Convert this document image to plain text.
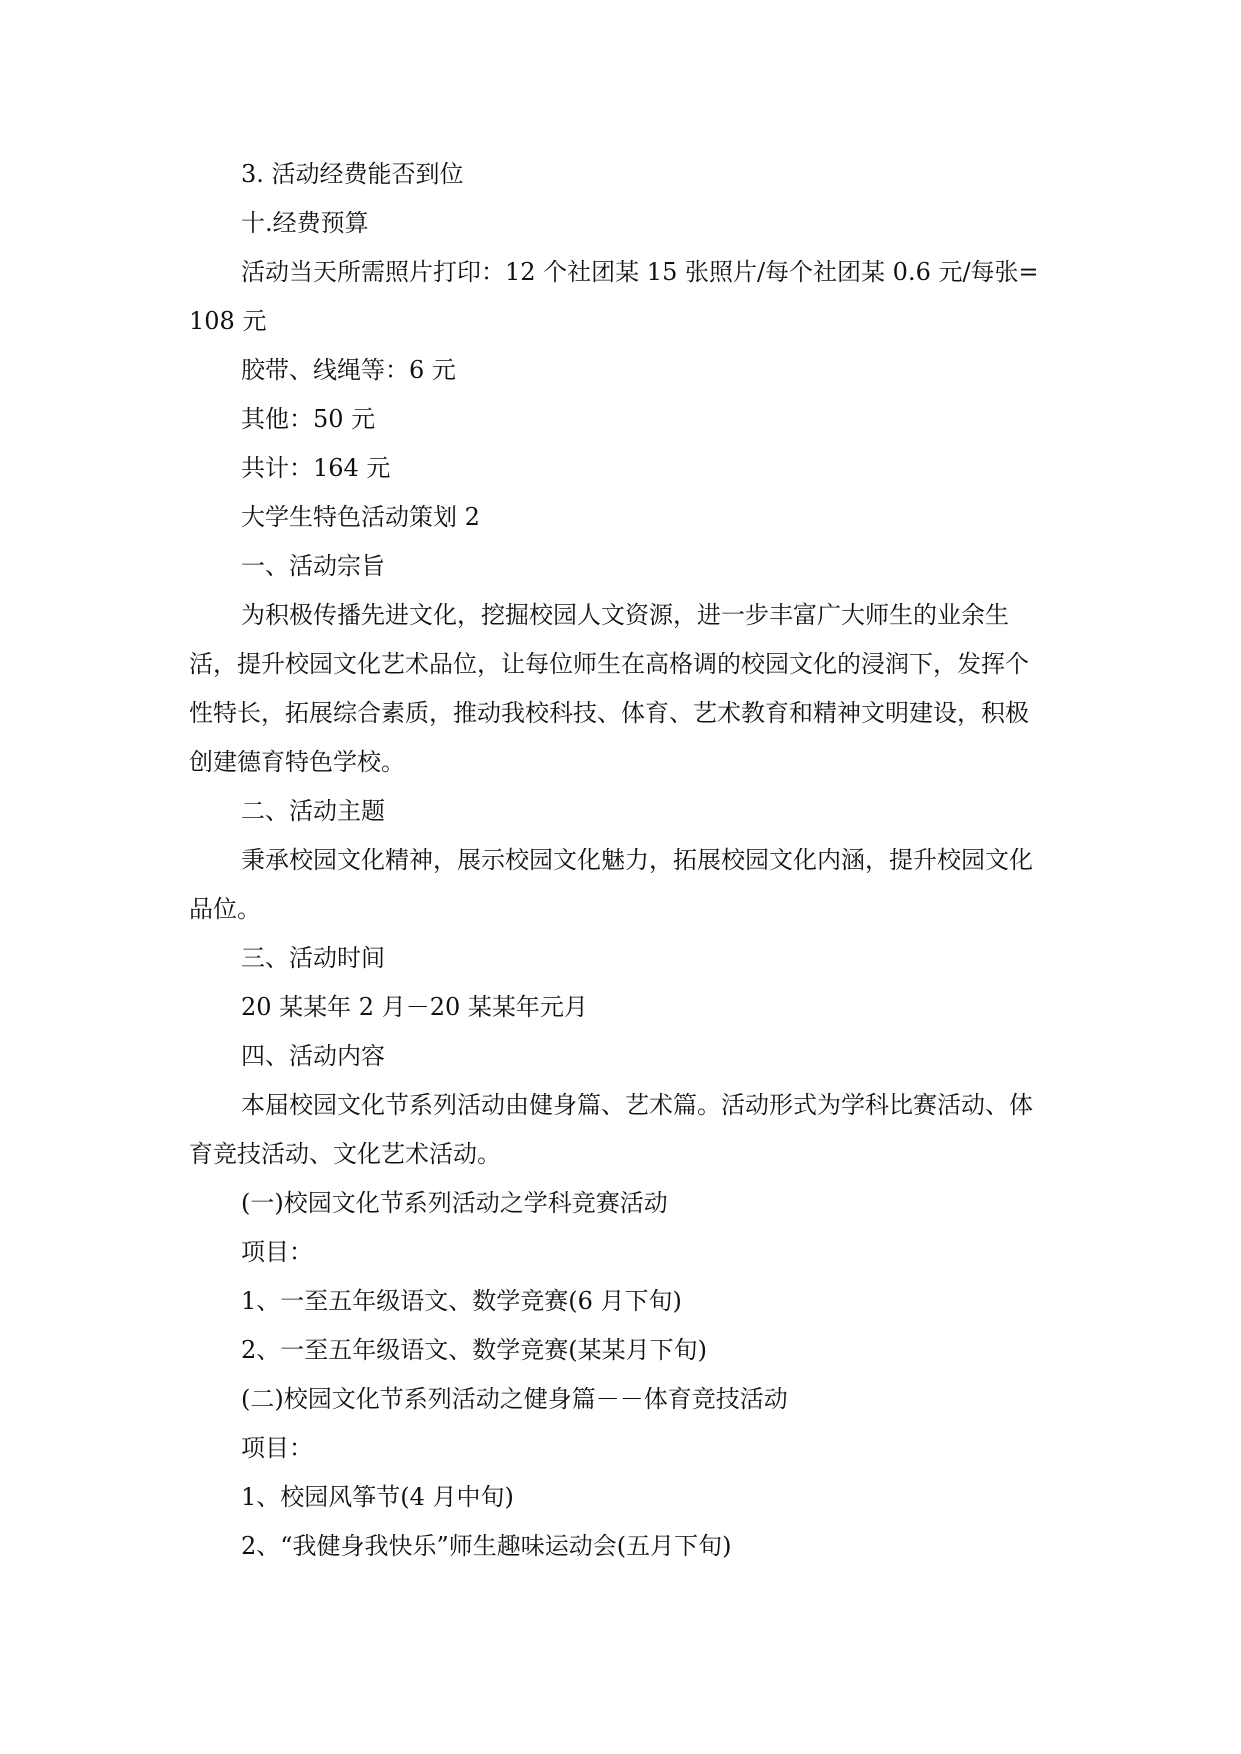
3. 活动经费能否到位

十.经费预算

活动当天所需照片打印：12 个社团某 15 张照片/每个社团某 0.6 元/每张=108 元

胶带、线绳等：6 元

其他：50 元

共计：164 元

大学生特色活动策划 2

一、活动宗旨

为积极传播先进文化，挖掘校园人文资源，进一步丰富广大师生的业余生活，提升校园文化艺术品位，让每位师生在高格调的校园文化的浸润下，发挥个性特长，拓展综合素质，推动我校科技、体育、艺术教育和精神文明建设，积极创建德育特色学校。

二、活动主题

秉承校园文化精神，展示校园文化魅力，拓展校园文化内涵，提升校园文化品位。

三、活动时间

20 某某年 2 月－20 某某年元月

四、活动内容

本届校园文化节系列活动由健身篇、艺术篇。活动形式为学科比赛活动、体育竞技活动、文化艺术活动。

(一)校园文化节系列活动之学科竞赛活动

项目：

1、一至五年级语文、数学竞赛(6 月下旬)

2、一至五年级语文、数学竞赛(某某月下旬)

(二)校园文化节系列活动之健身篇－－体育竞技活动

项目：

1、校园风筝节(4 月中旬)

2、“我健身我快乐”师生趣味运动会(五月下旬)
